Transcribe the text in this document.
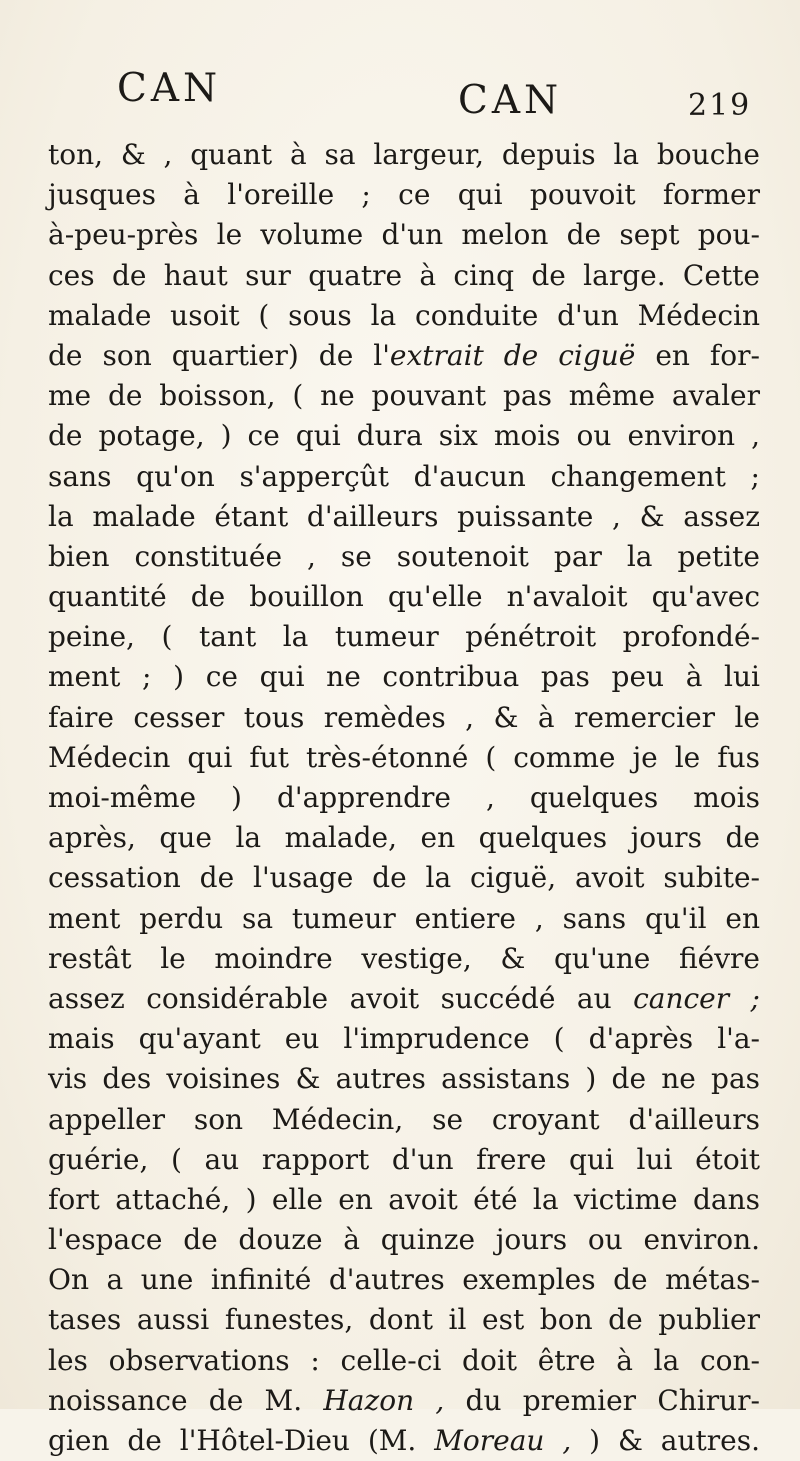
CAN	CAN	219
ton, & , quant à sa largeur, depuis la bouche
jusques à l'oreille ; ce qui pouvoit former
à-peu-près le volume d'un melon de sept pou-
ces de haut sur quatre à cinq de large. Cette
malade usoit ( sous la conduite d'un Médecin
de son quartier) de l'extrait de ciguë en for-
me de boisson, ( ne pouvant pas même avaler
de potage, ) ce qui dura six mois ou environ ,
sans qu'on s'apperçût d'aucun changement ;
la malade étant d'ailleurs puissante , & assez
bien constituée , se soutenoit par la petite
quantité de bouillon qu'elle n'avaloit qu'avec
peine, ( tant la tumeur pénétroit profondé-
ment ; ) ce qui ne contribua pas peu à lui
faire cesser tous remèdes , & à remercier le
Médecin qui fut très-étonné ( comme je le fus
moi-même ) d'apprendre , quelques mois
après, que la malade, en quelques jours de
cessation de l'usage de la ciguë, avoit subite-
ment perdu sa tumeur entiere , sans qu'il en
restât le moindre vestige, & qu'une fiévre
assez considérable avoit succédé au cancer ;
mais qu'ayant eu l'imprudence ( d'après l'a-
vis des voisines & autres assistans ) de ne pas
appeller son Médecin, se croyant d'ailleurs
guérie, ( au rapport d'un frere qui lui étoit
fort attaché, ) elle en avoit été la victime dans
l'espace de douze à quinze jours ou environ.
On a une infinité d'autres exemples de métas-
tases aussi funestes, dont il est bon de publier
les observations : celle-ci doit être à la con-
noissance de M. Hazon , du premier Chirur-
gien de l'Hôtel-Dieu (M. Moreau , ) & autres.
